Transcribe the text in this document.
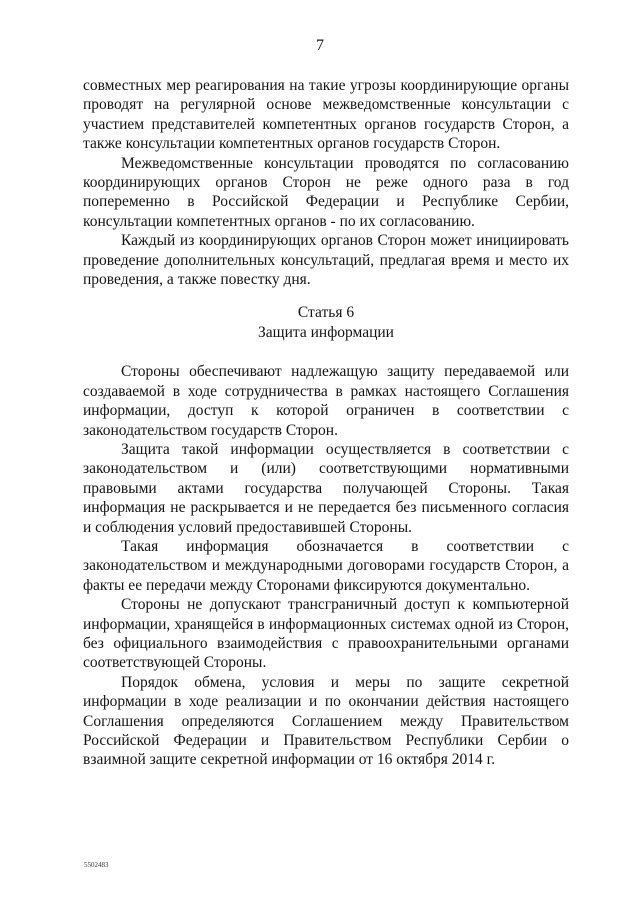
7

совместных мер реагирования на такие угрозы координирующие органы проводят на регулярной основе межведомственные консультации с участием представителей компетентных органов государств Сторон, а также консультации компетентных органов государств Сторон.

Межведомственные консультации проводятся по согласованию координирующих органов Сторон не реже одного раза в год попеременно в Российской Федерации и Республике Сербии, консультации компетентных органов - по их согласованию.

Каждый из координирующих органов Сторон может инициировать проведение дополнительных консультаций, предлагая время и место их проведения, а также повестку дня.

Статья 6

Защита информации

Стороны обеспечивают надлежащую защиту передаваемой или создаваемой в ходе сотрудничества в рамках настоящего Соглашения информации, доступ к которой ограничен в соответствии с законодательством государств Сторон.

Защита такой информации осуществляется в соответствии с законодательством и (или) соответствующими нормативными правовыми актами государства получающей Стороны. Такая информация не раскрывается и не передается без письменного согласия и соблюдения условий предоставившей Стороны.

Такая информация обозначается в соответствии с законодательством и международными договорами государств Сторон, а факты ее передачи между Сторонами фиксируются документально.

Стороны не допускают трансграничный доступ к компьютерной информации, хранящейся в информационных системах одной из Сторон, без официального взаимодействия с правоохранительными органами соответствующей Стороны.

Порядок обмена, условия и меры по защите секретной информации в ходе реализации и по окончании действия настоящего Соглашения определяются Соглашением между Правительством Российской Федерации и Правительством Республики Сербии о взаимной защите секретной информации от 16 октября 2014 г.

5502483
